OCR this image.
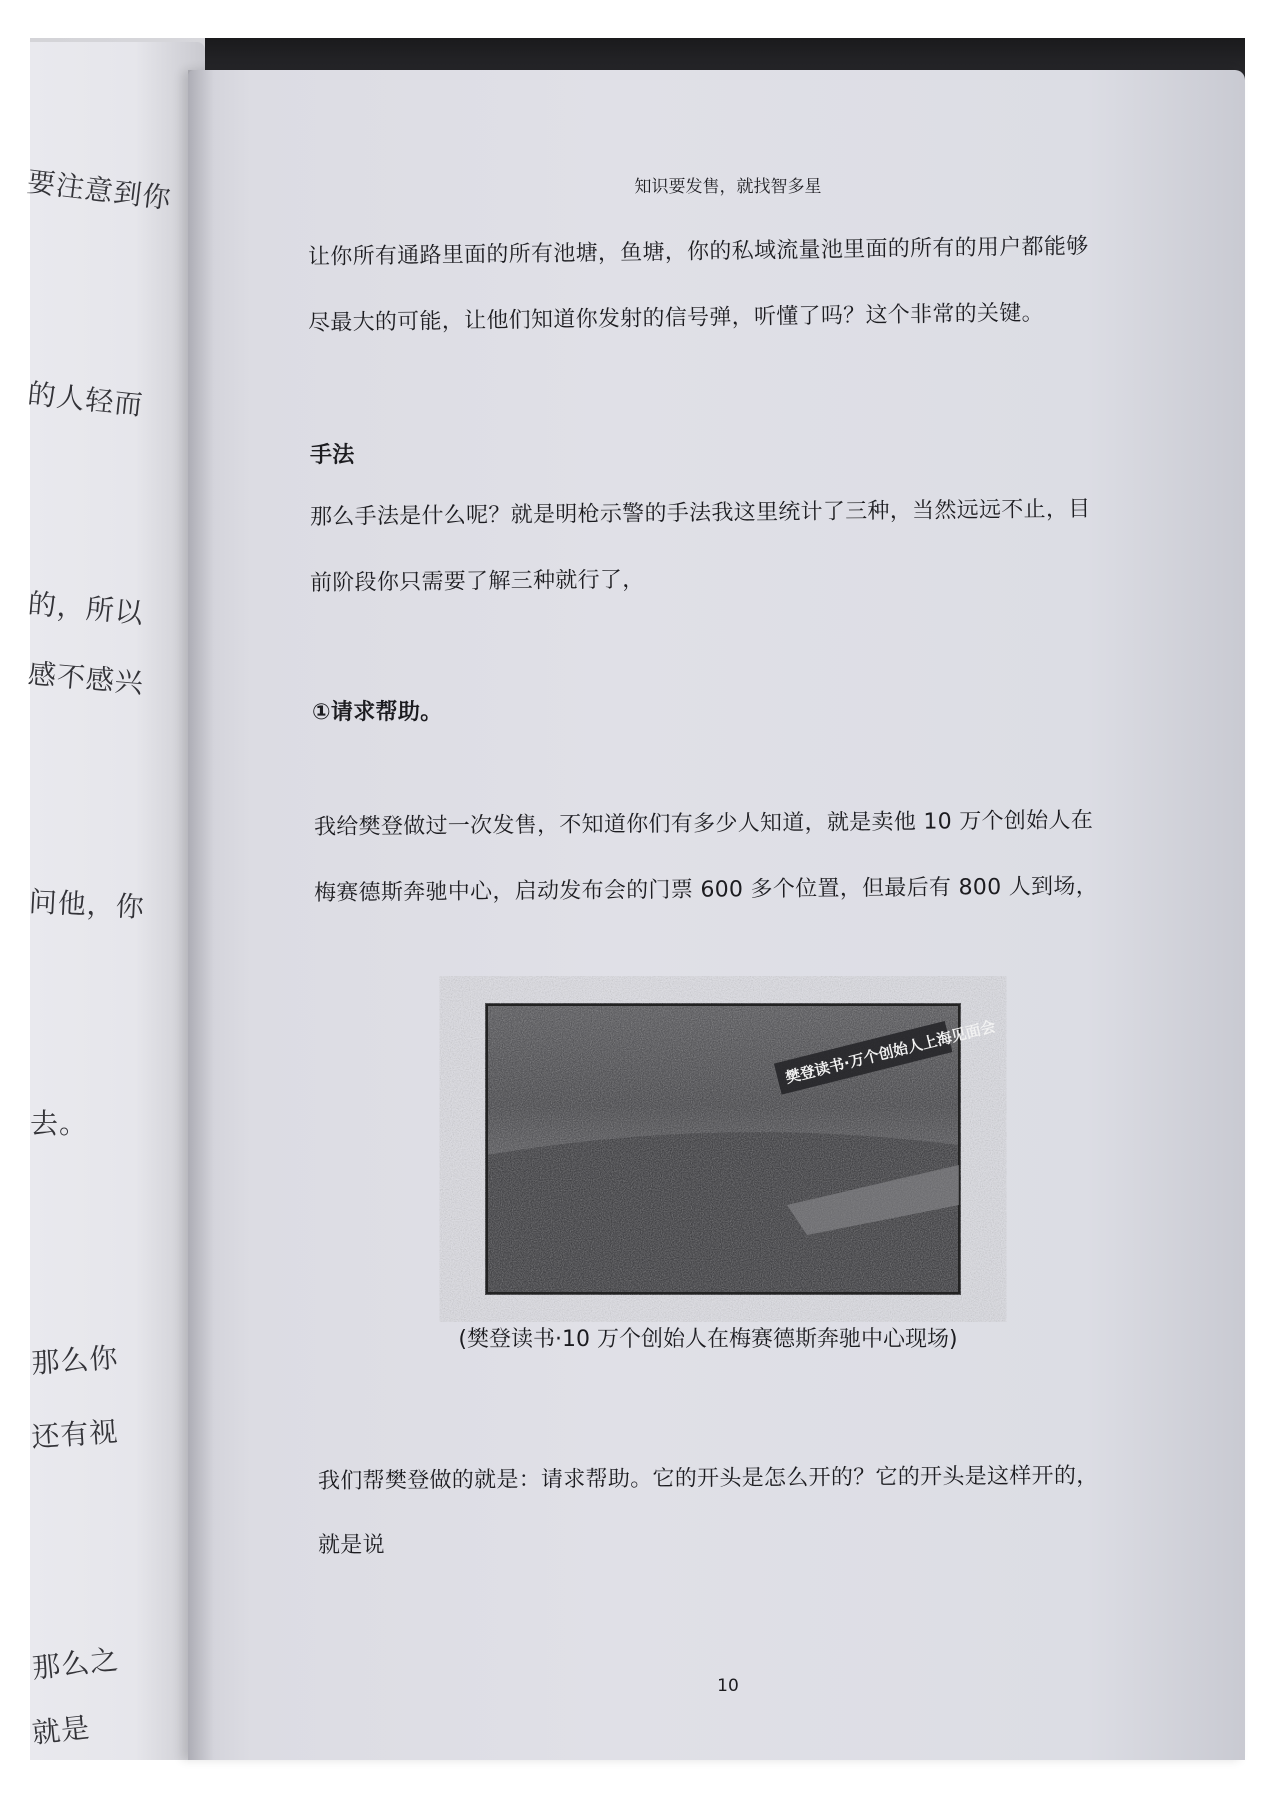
要注意到你
的人轻而
的，所以
感不感兴
问他，你
去。
那么你
还有视
那么之
就是
知识要发售，就找智多星
让你所有通路里面的所有池塘，鱼塘，你的私域流量池里面的所有的用户都能够
尽最大的可能，让他们知道你发射的信号弹，听懂了吗？这个非常的关键。
手法
那么手法是什么呢？就是明枪示警的手法我这里统计了三种，当然远远不止，目
前阶段你只需要了解三种就行了，
①请求帮助。
我给樊登做过一次发售，不知道你们有多少人知道，就是卖他 10 万个创始人在
梅赛德斯奔驰中心，启动发布会的门票 600 多个位置，但最后有 800 人到场，
樊登读书·万个创始人上海见面会
(樊登读书·10 万个创始人在梅赛德斯奔驰中心现场)
我们帮樊登做的就是：请求帮助。它的开头是怎么开的？它的开头是这样开的，
就是说
10
